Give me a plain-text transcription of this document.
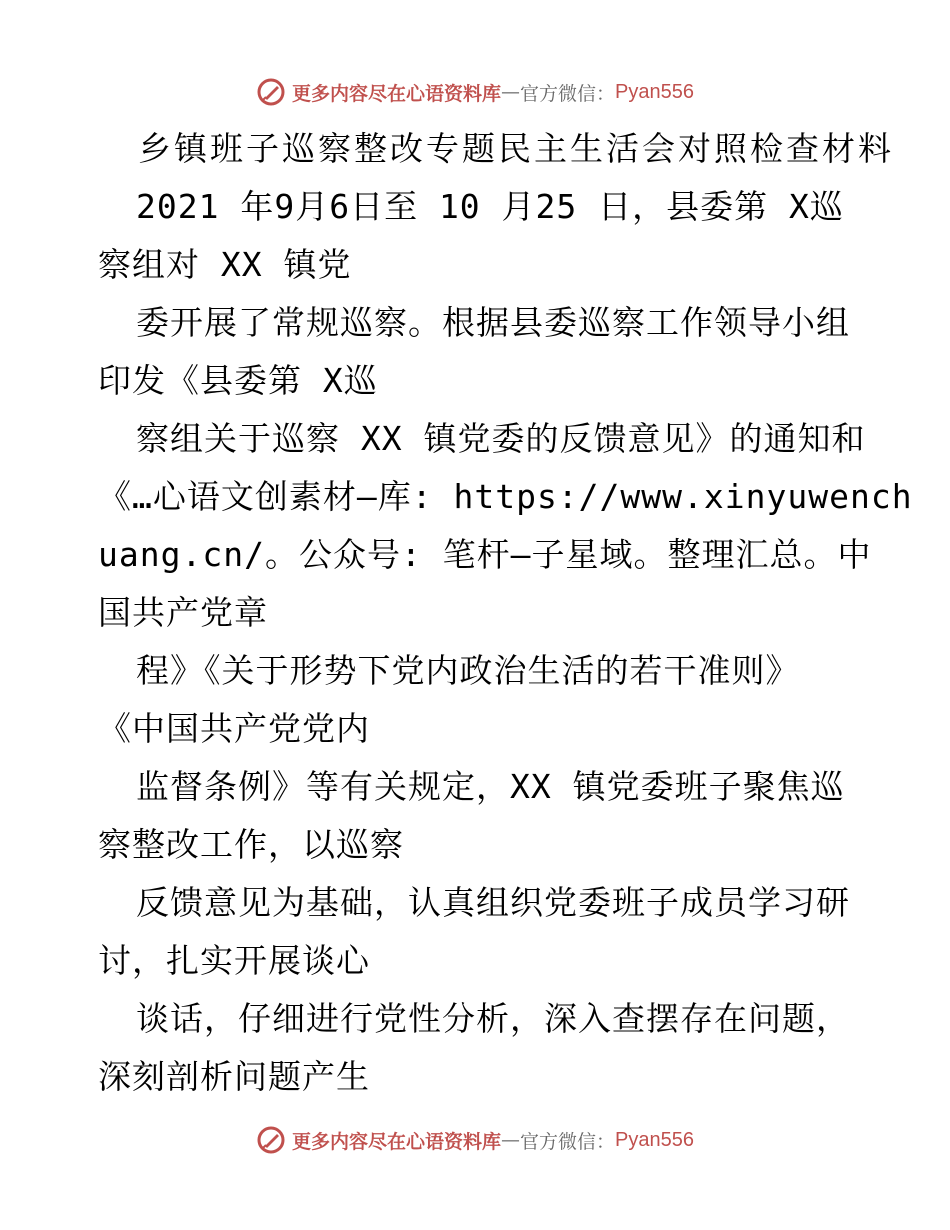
更多内容尽在心语资料库 — 官方微信： Pyan556
乡镇班子巡察整改专题民主生活会对照检查材料
2021 年9月6日至 10 月25 日，县委第 X巡
察组对 XX 镇党
委开展了常规巡察。根据县委巡察工作领导小组
印发《县委第 X巡
察组关于巡察 XX 镇党委的反馈意见》的通知和
《…心语文创素材—库: https://www.xinyuwench
uang.cn/。公众号: 笔杆—子星域。整理汇总。中
国共产党章
程》《关于形势下党内政治生活的若干准则》
《中国共产党党内
监督条例》等有关规定，XX 镇党委班子聚焦巡
察整改工作，以巡察
反馈意见为基础，认真组织党委班子成员学习研
讨，扎实开展谈心
谈话，仔细进行党性分析，深入查摆存在问题，
深刻剖析问题产生
更多内容尽在心语资料库 — 官方微信： Pyan556
